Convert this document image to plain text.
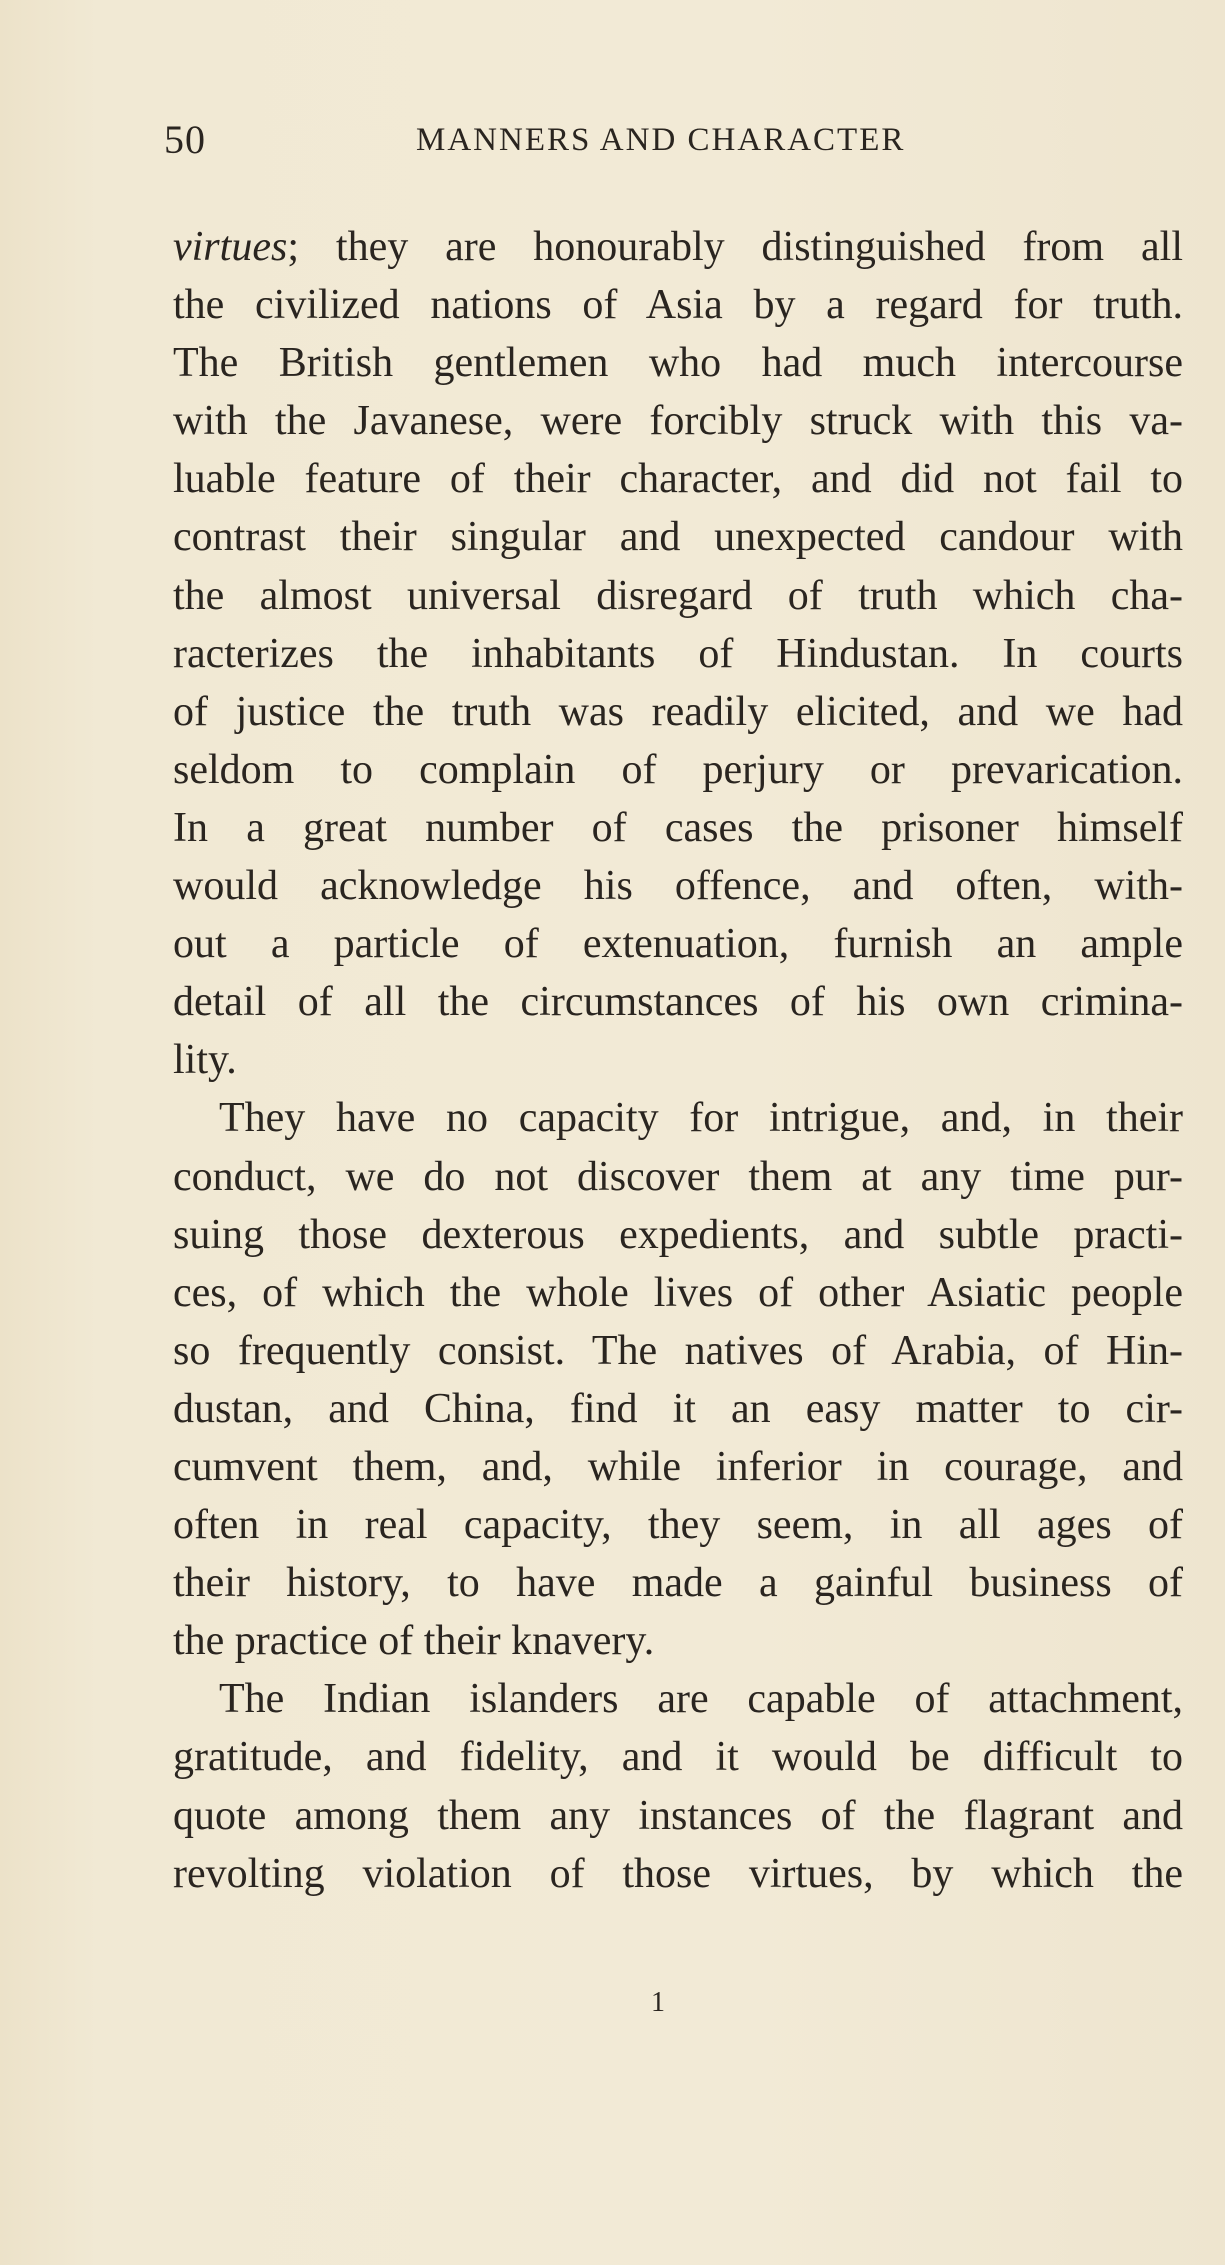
50	MANNERS AND CHARACTER
virtues; they are honourably distinguished from all
the civilized nations of Asia by a regard for truth.
The British gentlemen who had much intercourse
with the Javanese, were forcibly struck with this va-
luable feature of their character, and did not fail to
contrast their singular and unexpected candour with
the almost universal disregard of truth which cha-
racterizes the inhabitants of Hindustan. In courts
of justice the truth was readily elicited, and we had
seldom to complain of perjury or prevarication.
In a great number of cases the prisoner himself
would acknowledge his offence, and often, with-
out a particle of extenuation, furnish an ample
detail of all the circumstances of his own crimina-
lity.
They have no capacity for intrigue, and, in their
conduct, we do not discover them at any time pur-
suing those dexterous expedients, and subtle practi-
ces, of which the whole lives of other Asiatic people
so frequently consist. The natives of Arabia, of Hin-
dustan, and China, find it an easy matter to cir-
cumvent them, and, while inferior in courage, and
often in real capacity, they seem, in all ages of
their history, to have made a gainful business of
the practice of their knavery.
The Indian islanders are capable of attachment,
gratitude, and fidelity, and it would be difficult to
quote among them any instances of the flagrant and
revolting violation of those virtues, by which the
1
